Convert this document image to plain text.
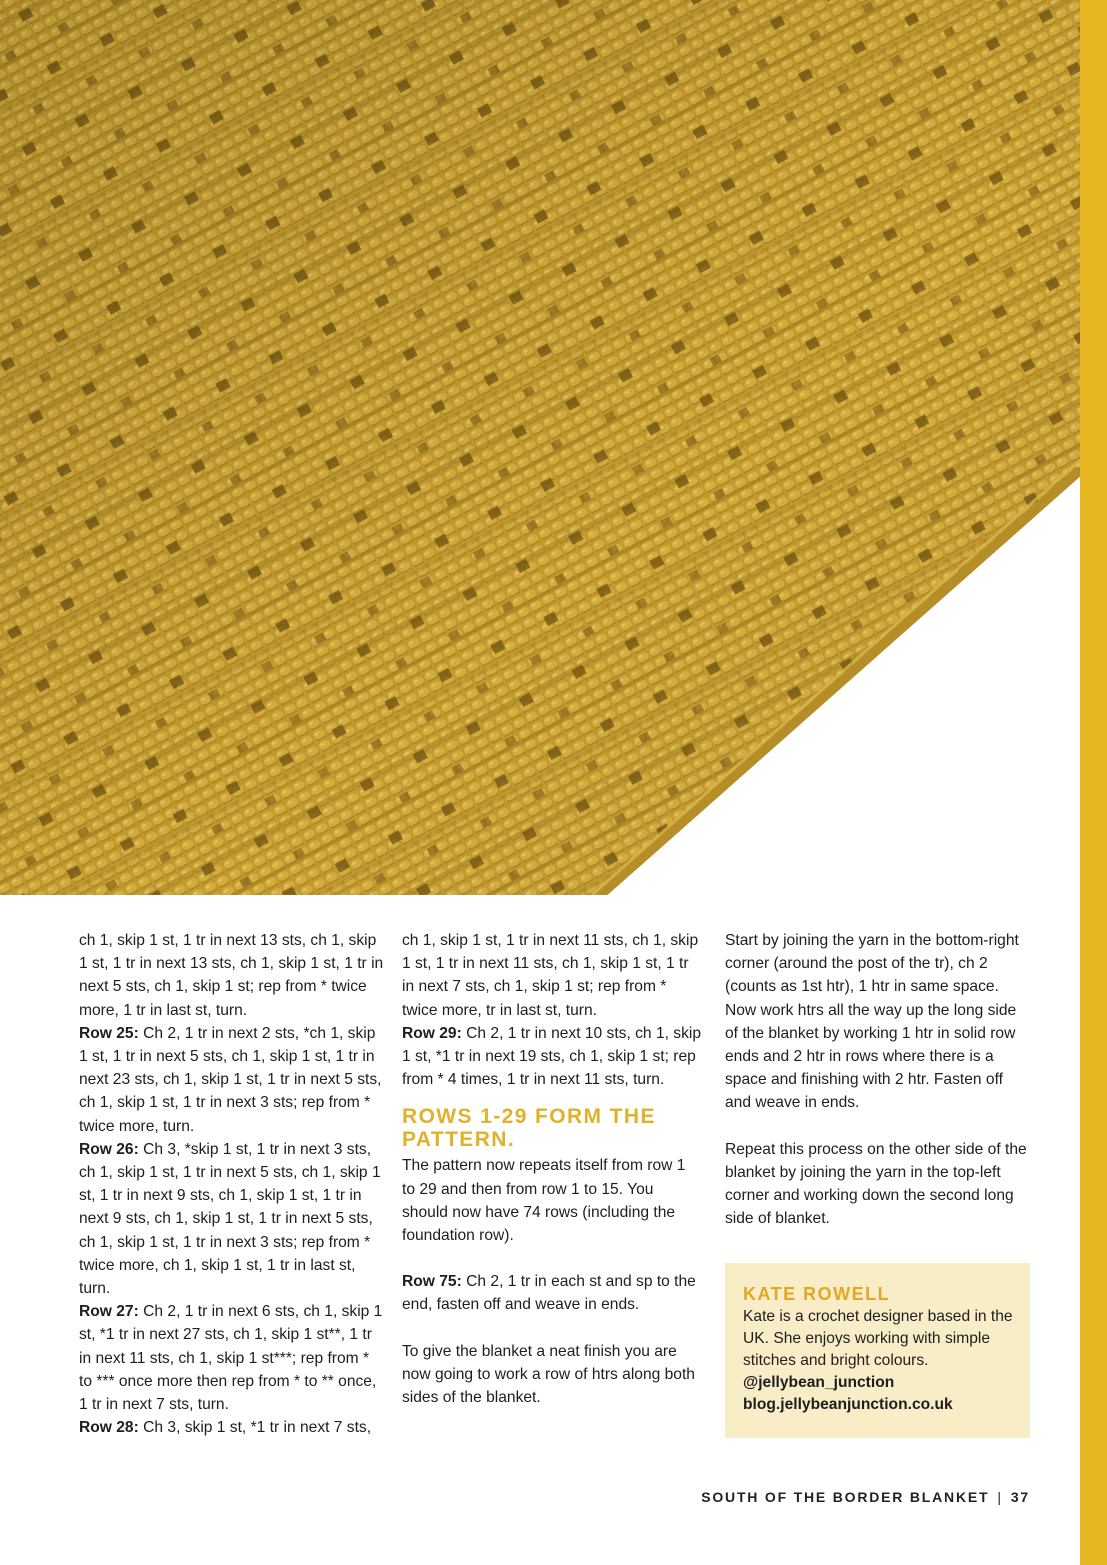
ch 1, skip 1 st, 1 tr in next 13 sts, ch 1, skip 1 st, 1 tr in next 13 sts, ch 1, skip 1 st, 1 tr in next 5 sts, ch 1, skip 1 st; rep from * twice more, 1 tr in last st, turn.

Row 25: Ch 2, 1 tr in next 2 sts, *ch 1, skip 1 st, 1 tr in next 5 sts, ch 1, skip 1 st, 1 tr in next 23 sts, ch 1, skip 1 st, 1 tr in next 5 sts, ch 1, skip 1 st, 1 tr in next 3 sts; rep from * twice more, turn.

Row 26: Ch 3, *skip 1 st, 1 tr in next 3 sts, ch 1, skip 1 st, 1 tr in next 5 sts, ch 1, skip 1 st, 1 tr in next 9 sts, ch 1, skip 1 st, 1 tr in next 9 sts, ch 1, skip 1 st, 1 tr in next 5 sts, ch 1, skip 1 st, 1 tr in next 3 sts; rep from * twice more, ch 1, skip 1 st, 1 tr in last st, turn.

Row 27: Ch 2, 1 tr in next 6 sts, ch 1, skip 1 st, *1 tr in next 27 sts, ch 1, skip 1 st**, 1 tr in next 11 sts, ch 1, skip 1 st***; rep from * to *** once more then rep from * to ** once, 1 tr in next 7 sts, turn.

Row 28: Ch 3, skip 1 st, *1 tr in next 7 sts,

ch 1, skip 1 st, 1 tr in next 11 sts, ch 1, skip 1 st, 1 tr in next 11 sts, ch 1, skip 1 st, 1 tr in next 7 sts, ch 1, skip 1 st; rep from * twice more, tr in last st, turn.

Row 29: Ch 2, 1 tr in next 10 sts, ch 1, skip 1 st, *1 tr in next 19 sts, ch 1, skip 1 st; rep from * 4 times, 1 tr in next 11 sts, turn.

ROWS 1-29 FORM THE PATTERN.

The pattern now repeats itself from row 1 to 29 and then from row 1 to 15. You should now have 74 rows (including the foundation row).

Row 75: Ch 2, 1 tr in each st and sp to the end, fasten off and weave in ends.

To give the blanket a neat finish you are now going to work a row of htrs along both sides of the blanket.

Start by joining the yarn in the bottom-right corner (around the post of the tr), ch 2 (counts as 1st htr), 1 htr in same space. Now work htrs all the way up the long side of the blanket by working 1 htr in solid row ends and 2 htr in rows where there is a space and finishing with 2 htr. Fasten off and weave in ends.

Repeat this process on the other side of the blanket by joining the yarn in the top-left corner and working down the second long side of blanket.

KATE ROWELL
Kate is a crochet designer based in the UK. She enjoys working with simple stitches and bright colours.
@jellybean_junction
blog.jellybeanjunction.co.uk
SOUTH OF THE BORDER BLANKET | 37
